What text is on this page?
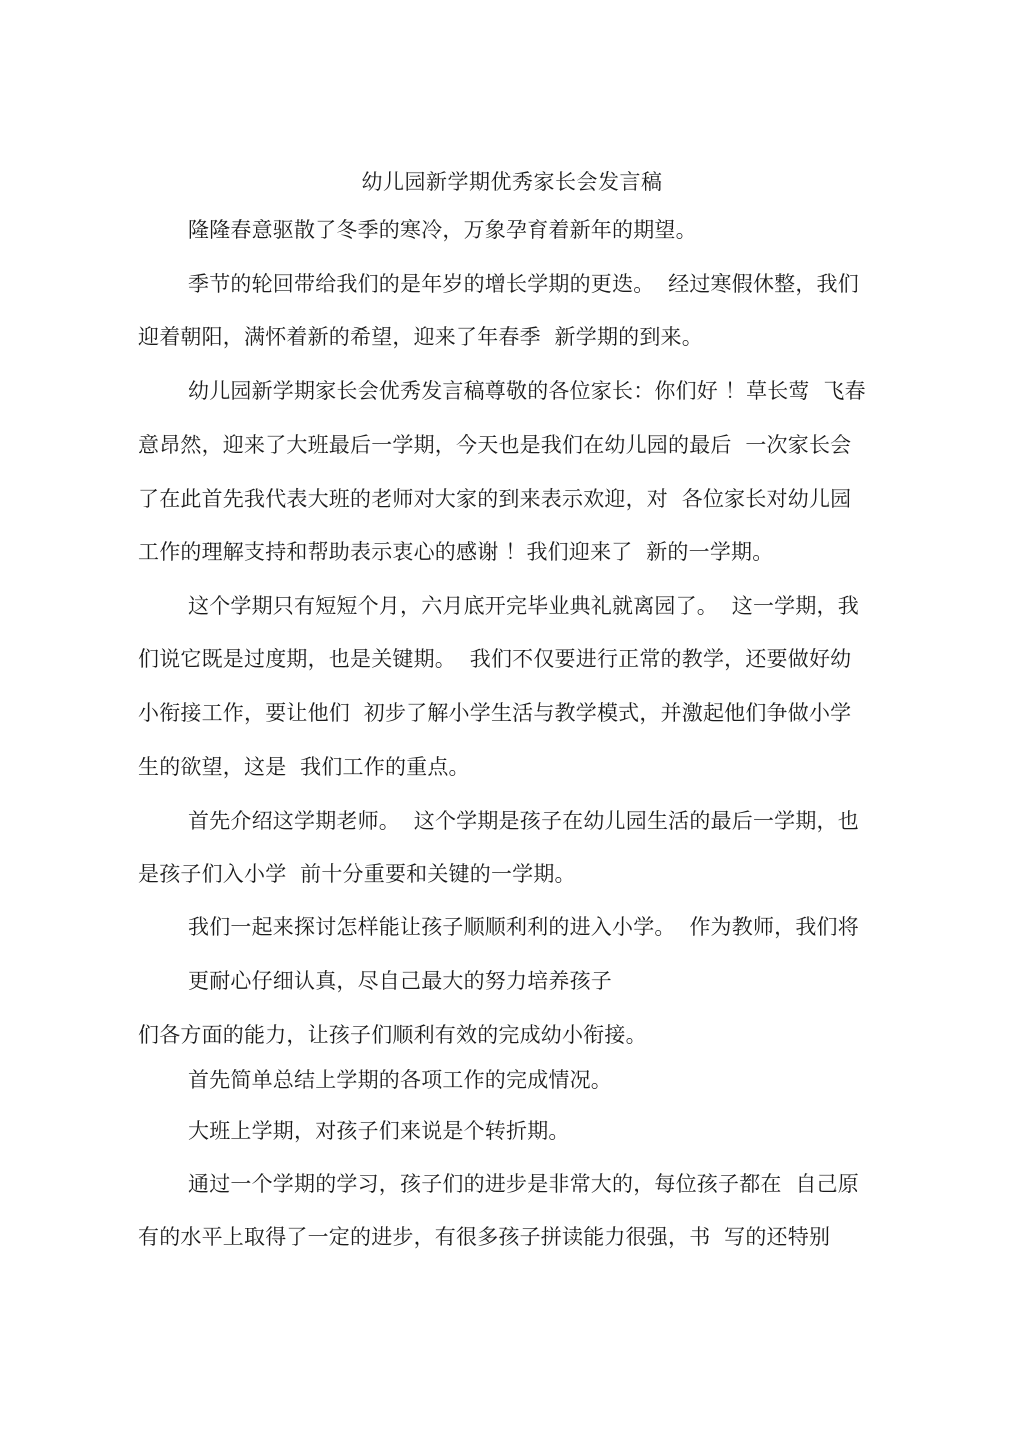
幼儿园新学期优秀家长会发言稿
隆隆春意驱散了冬季的寒冷，万象孕育着新年的期望。
季节的轮回带给我们的是年岁的增长学期的更迭。  经过寒假休整，我们
迎着朝阳，满怀着新的希望，迎来了年春季  新学期的到来。
幼儿园新学期家长会优秀发言稿尊敬的各位家长：你们好 ！草长莺  飞春
意昂然，迎来了大班最后一学期，今天也是我们在幼儿园的最后  一次家长会
了在此首先我代表大班的老师对大家的到来表示欢迎，对  各位家长对幼儿园
工作的理解支持和帮助表示衷心的感谢 ！我们迎来了  新的一学期。
这个学期只有短短个月，六月底开完毕业典礼就离园了。  这一学期，我
们说它既是过度期，也是关键期。  我们不仅要进行正常的教学，还要做好幼
小衔接工作，要让他们  初步了解小学生活与教学模式，并激起他们争做小学
生的欲望，这是  我们工作的重点。
首先介绍这学期老师。  这个学期是孩子在幼儿园生活的最后一学期，也
是孩子们入小学  前十分重要和关键的一学期。
我们一起来探讨怎样能让孩子顺顺利利的进入小学。  作为教师，我们将
更耐心仔细认真，尽自己最大的努力培养孩子
们各方面的能力，让孩子们顺利有效的完成幼小衔接。
首先简单总结上学期的各项工作的完成情况。
大班上学期，对孩子们来说是个转折期。
通过一个学期的学习，孩子们的进步是非常大的，每位孩子都在  自己原
有的水平上取得了一定的进步，有很多孩子拼读能力很强，书  写的还特别
